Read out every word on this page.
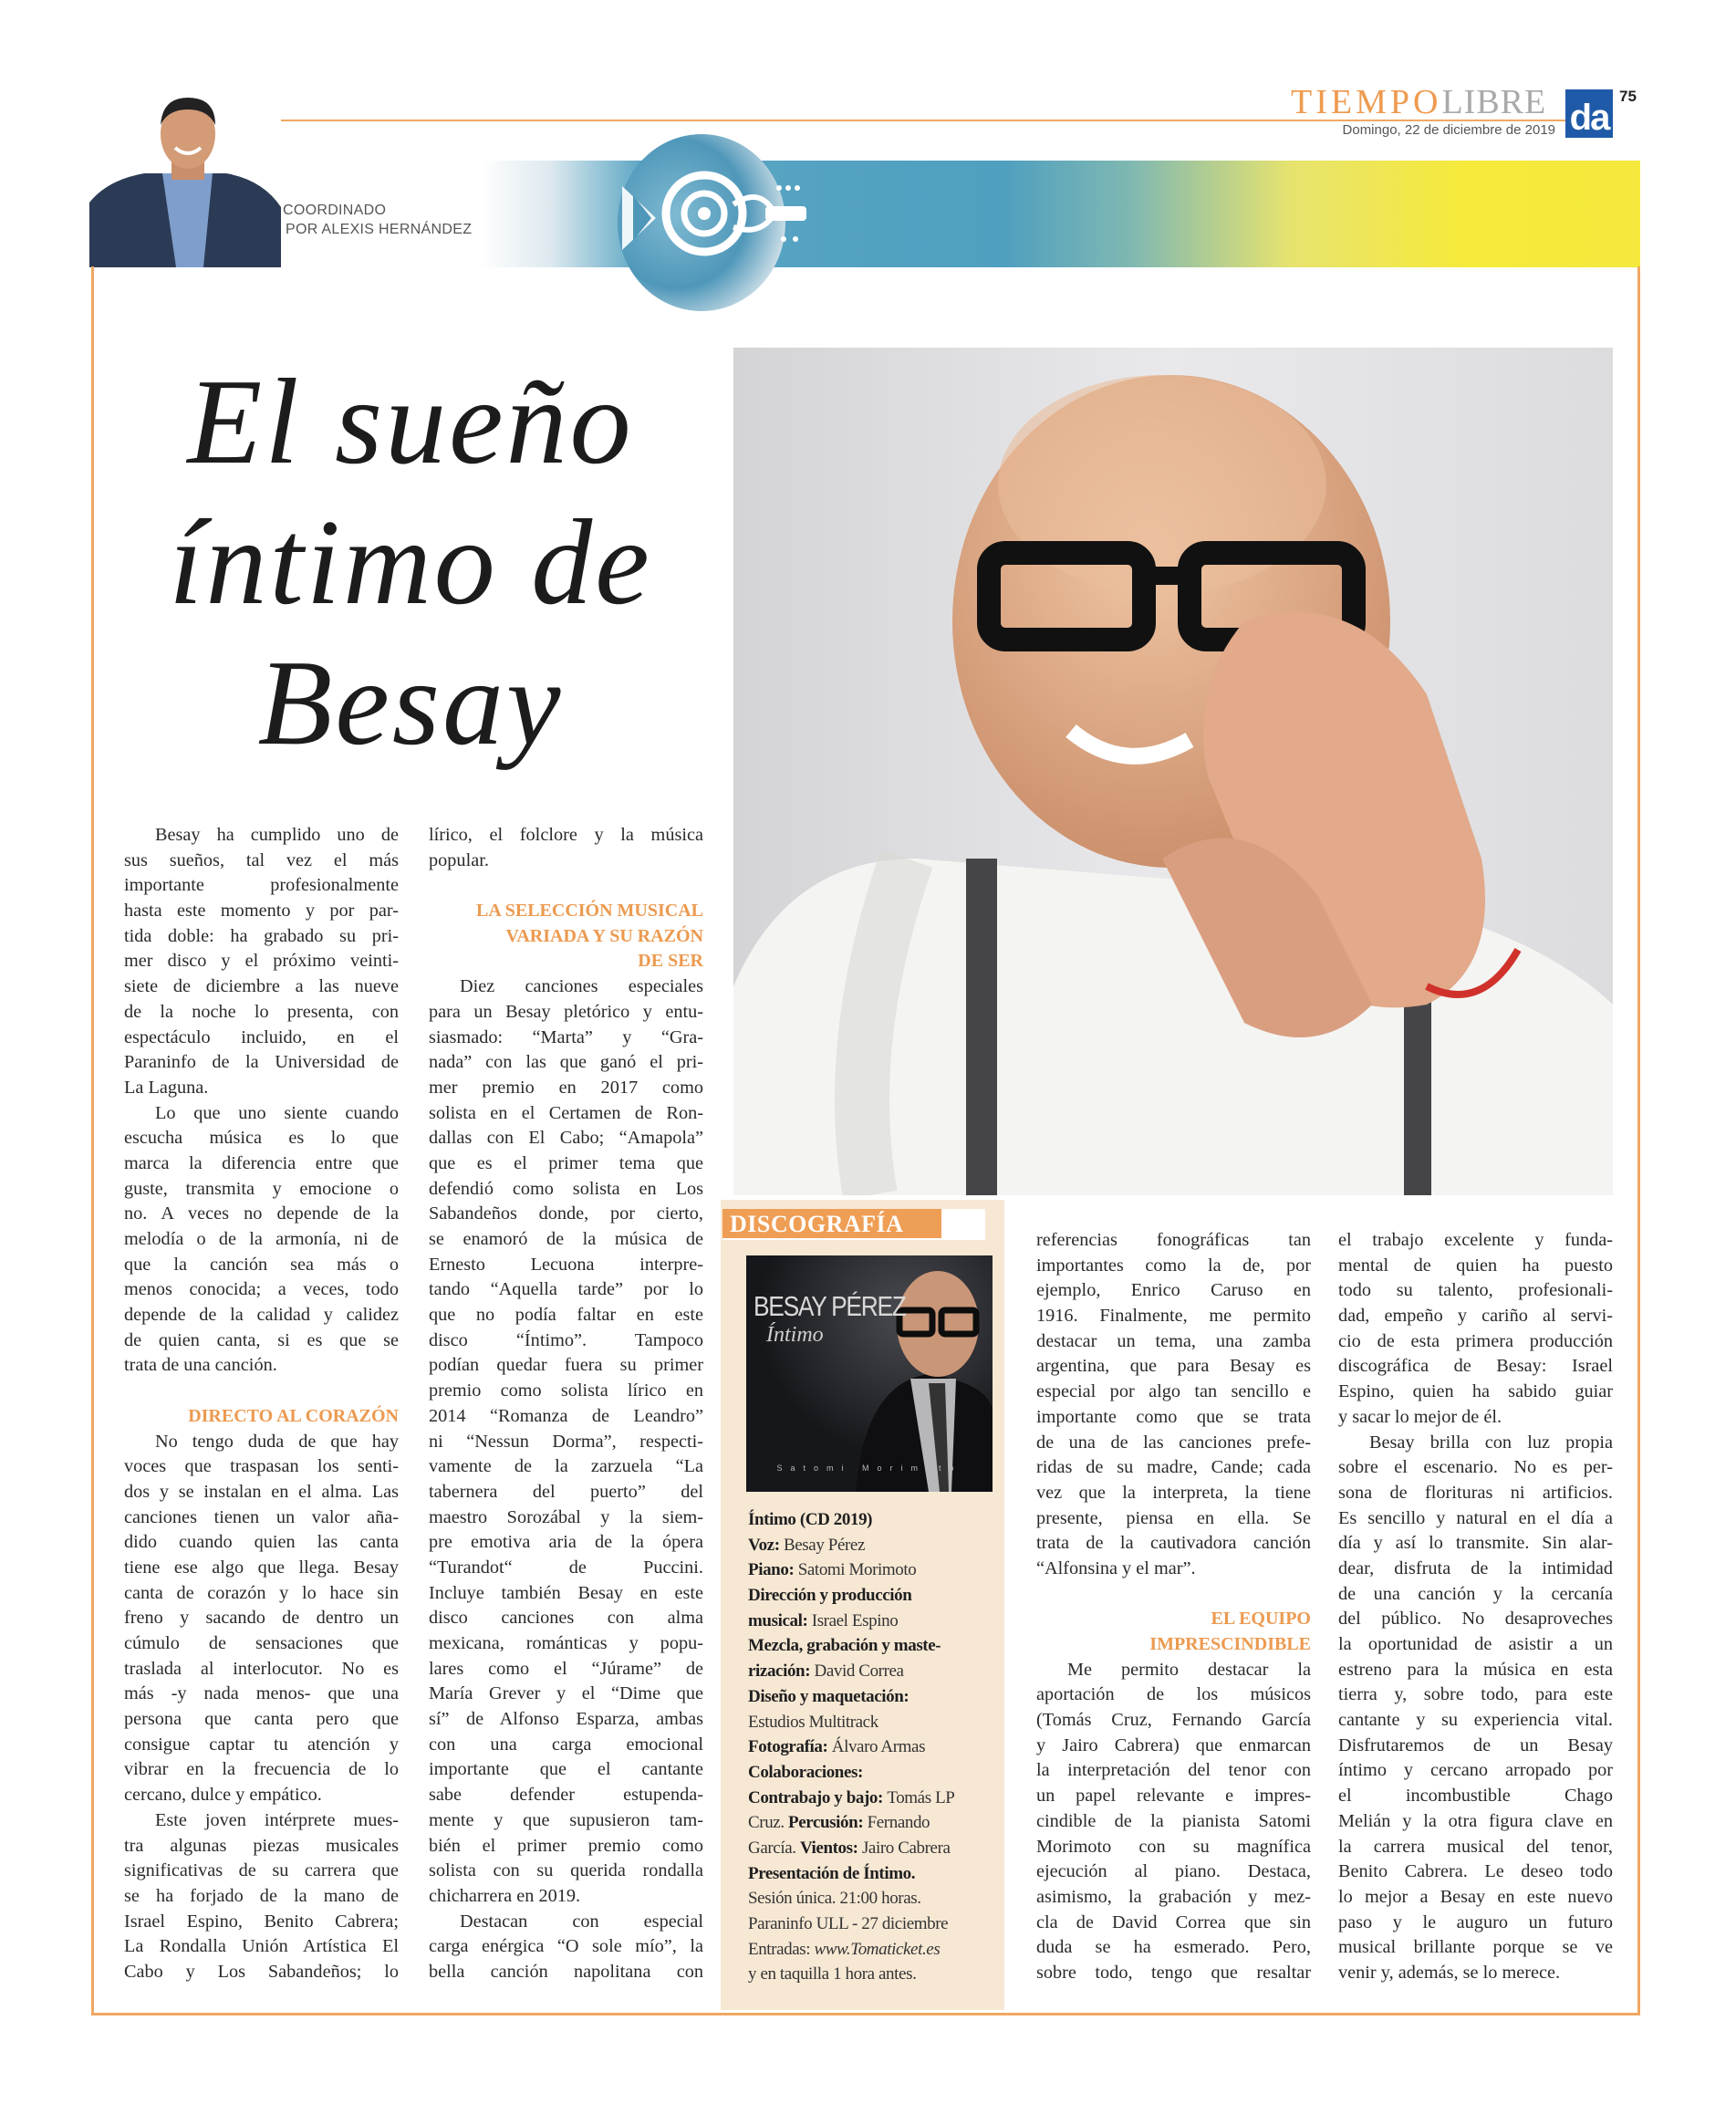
TIEMPOLIBRE
Domingo, 22 de diciembre de 2019 da
75
COORDINADO
POR ALEXIS HERNÁNDEZ
El sueño
íntimo de
Besay
Besay ha cumplido uno de
sus sueños, tal vez el más
importante profesionalmente
hasta este momento y por par-
tida doble: ha grabado su pri-
mer disco y el próximo veinti-
siete de diciembre a las nueve
de la noche lo presenta, con
espectáculo incluido, en el
Paraninfo de la Universidad de
La Laguna.
Lo que uno siente cuando
escucha música es lo que
marca la diferencia entre que
guste, transmita y emocione o
no. A veces no depende de la
melodía o de la armonía, ni de
que la canción sea más o
menos conocida; a veces, todo
depende de la calidad y calidez
de quien canta, si es que se
trata de una canción.
DIRECTO AL CORAZÓN
No tengo duda de que hay
voces que traspasan los senti-
dos y se instalan en el alma. Las
canciones tienen un valor aña-
dido cuando quien las canta
tiene ese algo que llega. Besay
canta de corazón y lo hace sin
freno y sacando de dentro un
cúmulo de sensaciones que
traslada al interlocutor. No es
más -y nada menos- que una
persona que canta pero que
consigue captar tu atención y
vibrar en la frecuencia de lo
cercano, dulce y empático.
Este joven intérprete mues-
tra algunas piezas musicales
significativas de su carrera que
se ha forjado de la mano de
Israel Espino, Benito Cabrera;
La Rondalla Unión Artística El
Cabo y Los Sabandeños; lo
lírico, el folclore y la música
popular.
LA SELECCIÓN MUSICAL
VARIADA Y SU RAZÓN
DE SER
Diez canciones especiales
para un Besay pletórico y entu-
siasmado: “Marta” y “Gra-
nada” con las que ganó el pri-
mer premio en 2017 como
solista en el Certamen de Ron-
dallas con El Cabo; “Amapola”
que es el primer tema que
defendió como solista en Los
Sabandeños donde, por cierto,
se enamoró de la música de
Ernesto Lecuona interpre-
tando “Aquella tarde” por lo
que no podía faltar en este
disco “Íntimo”. Tampoco
podían quedar fuera su primer
premio como solista lírico en
2014 “Romanza de Leandro”
ni “Nessun Dorma”, respecti-
vamente de la zarzuela “La
tabernera del puerto” del
maestro Sorozábal y la siem-
pre emotiva aria de la ópera
“Turandot“ de Puccini.
Incluye también Besay en este
disco canciones con alma
mexicana, románticas y popu-
lares como el “Júrame” de
María Grever y el “Dime que
sí” de Alfonso Esparza, ambas
con una carga emocional
importante que el cantante
sabe defender estupenda-
mente y que supusieron tam-
bién el primer premio como
solista con su querida rondalla
chicharrera en 2019.
Destacan con especial
carga enérgica “O sole mío”, la
bella canción napolitana con
referencias fonográficas tan
importantes como la de, por
ejemplo, Enrico Caruso en
1916. Finalmente, me permito
destacar un tema, una zamba
argentina, que para Besay es
especial por algo tan sencillo e
importante como que se trata
de una de las canciones prefe-
ridas de su madre, Cande; cada
vez que la interpreta, la tiene
presente, piensa en ella. Se
trata de la cautivadora canción
“Alfonsina y el mar”.
EL EQUIPO
IMPRESCINDIBLE
Me permito destacar la
aportación de los músicos
(Tomás Cruz, Fernando García
y Jairo Cabrera) que enmarcan
la interpretación del tenor con
un papel relevante e impres-
cindible de la pianista Satomi
Morimoto con su magnífica
ejecución al piano. Destaca,
asimismo, la grabación y mez-
cla de David Correa que sin
duda se ha esmerado. Pero,
sobre todo, tengo que resaltar
el trabajo excelente y funda-
mental de quien ha puesto
todo su talento, profesionali-
dad, empeño y cariño al servi-
cio de esta primera producción
discográfica de Besay: Israel
Espino, quien ha sabido guiar
y sacar lo mejor de él.
Besay brilla con luz propia
sobre el escenario. No es per-
sona de florituras ni artificios.
Es sencillo y natural en el día a
día y así lo transmite. Sin alar-
dear, disfruta de la intimidad
de una canción y la cercanía
del público. No desaproveches
la oportunidad de asistir a un
estreno para la música en esta
tierra y, sobre todo, para este
cantante y su experiencia vital.
Disfrutaremos de un Besay
íntimo y cercano arropado por
el incombustible Chago
Melián y la otra figura clave en
la carrera musical del tenor,
Benito Cabrera. Le deseo todo
lo mejor a Besay en este nuevo
paso y le auguro un futuro
musical brillante porque se ve
venir y, además, se lo merece.
DISCOGRAFÍA
BESAY PÉREZ
Íntimo
Satomi Morimoto
Íntimo (CD 2019)
Voz: Besay Pérez
Piano: Satomi Morimoto
Dirección y producción
musical: Israel Espino
Mezcla, grabación y maste-
rización: David Correa
Diseño y maquetación:
Estudios Multitrack
Fotografía: Álvaro Armas
Colaboraciones:
Contrabajo y bajo: Tomás LP
Cruz. Percusión: Fernando
García. Vientos: Jairo Cabrera
Presentación de Íntimo.
Sesión única. 21:00 horas.
Paraninfo ULL - 27 diciembre
Entradas: www.Tomaticket.es
y en taquilla 1 hora antes.
